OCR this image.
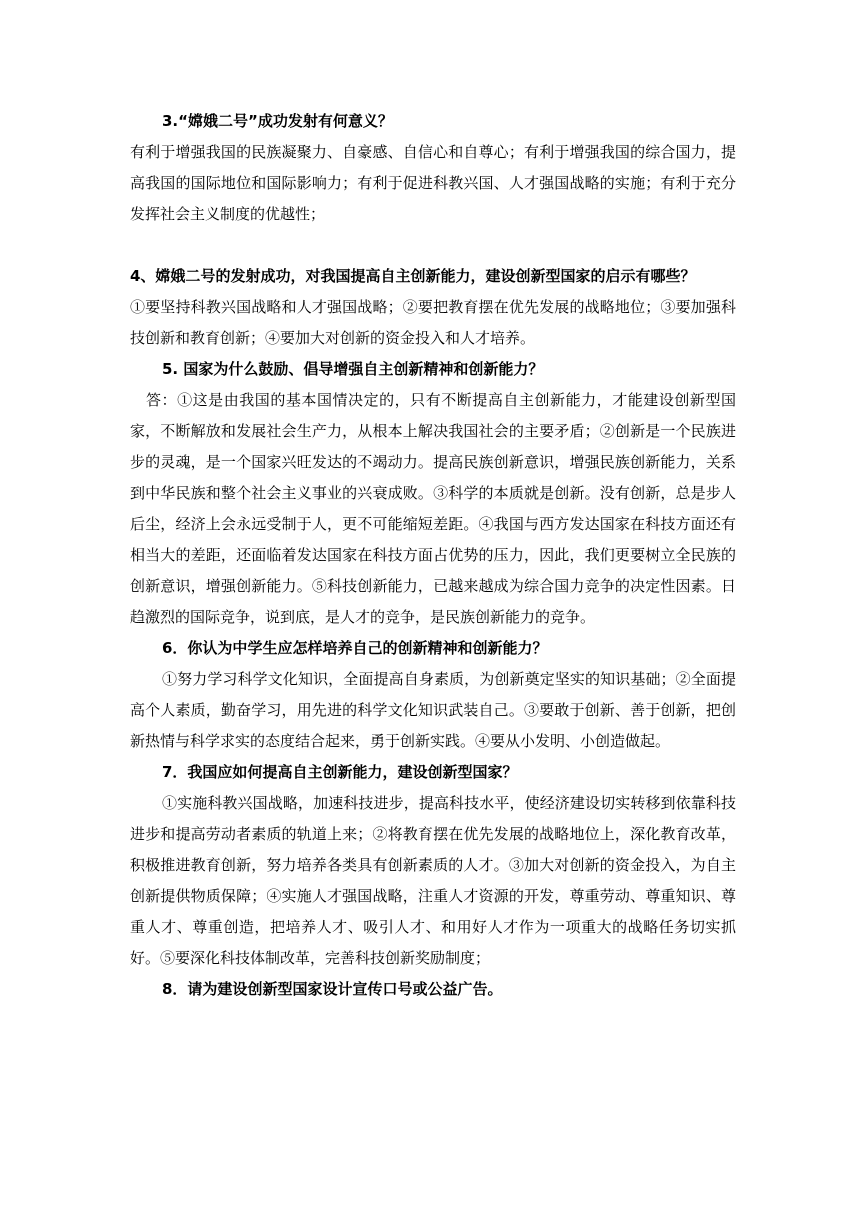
3.“嫦娥二号”成功发射有何意义？

有利于增强我国的民族凝聚力、自豪感、自信心和自尊心；有利于增强我国的综合国力，提高我国的国际地位和国际影响力；有利于促进科教兴国、人才强国战略的实施；有利于充分发挥社会主义制度的优越性；

4、嫦娥二号的发射成功，对我国提高自主创新能力，建设创新型国家的启示有哪些？

①要坚持科教兴国战略和人才强国战略；②要把教育摆在优先发展的战略地位；③要加强科技创新和教育创新；④要加大对创新的资金投入和人才培养。

5. 国家为什么鼓励、倡导增强自主创新精神和创新能力？

答：①这是由我国的基本国情决定的，只有不断提高自主创新能力，才能建设创新型国家，不断解放和发展社会生产力，从根本上解决我国社会的主要矛盾；②创新是一个民族进步的灵魂，是一个国家兴旺发达的不竭动力。提高民族创新意识，增强民族创新能力，关系到中华民族和整个社会主义事业的兴衰成败。③科学的本质就是创新。没有创新，总是步人后尘，经济上会永远受制于人，更不可能缩短差距。④我国与西方发达国家在科技方面还有相当大的差距，还面临着发达国家在科技方面占优势的压力，因此，我们更要树立全民族的创新意识，增强创新能力。⑤科技创新能力，已越来越成为综合国力竞争的决定性因素。日趋激烈的国际竞争，说到底，是人才的竞争，是民族创新能力的竞争。

6．你认为中学生应怎样培养自己的创新精神和创新能力？

①努力学习科学文化知识，全面提高自身素质，为创新奠定坚实的知识基础；②全面提高个人素质，勤奋学习，用先进的科学文化知识武装自己。③要敢于创新、善于创新，把创新热情与科学求实的态度结合起来，勇于创新实践。④要从小发明、小创造做起。

7．我国应如何提高自主创新能力，建设创新型国家？

①实施科教兴国战略，加速科技进步，提高科技水平，使经济建设切实转移到依靠科技进步和提高劳动者素质的轨道上来；②将教育摆在优先发展的战略地位上，深化教育改革，积极推进教育创新，努力培养各类具有创新素质的人才。③加大对创新的资金投入，为自主创新提供物质保障；④实施人才强国战略，注重人才资源的开发，尊重劳动、尊重知识、尊重人才、尊重创造，把培养人才、吸引人才、和用好人才作为一项重大的战略任务切实抓好。⑤要深化科技体制改革，完善科技创新奖励制度；

8．请为建设创新型国家设计宣传口号或公益广告。
